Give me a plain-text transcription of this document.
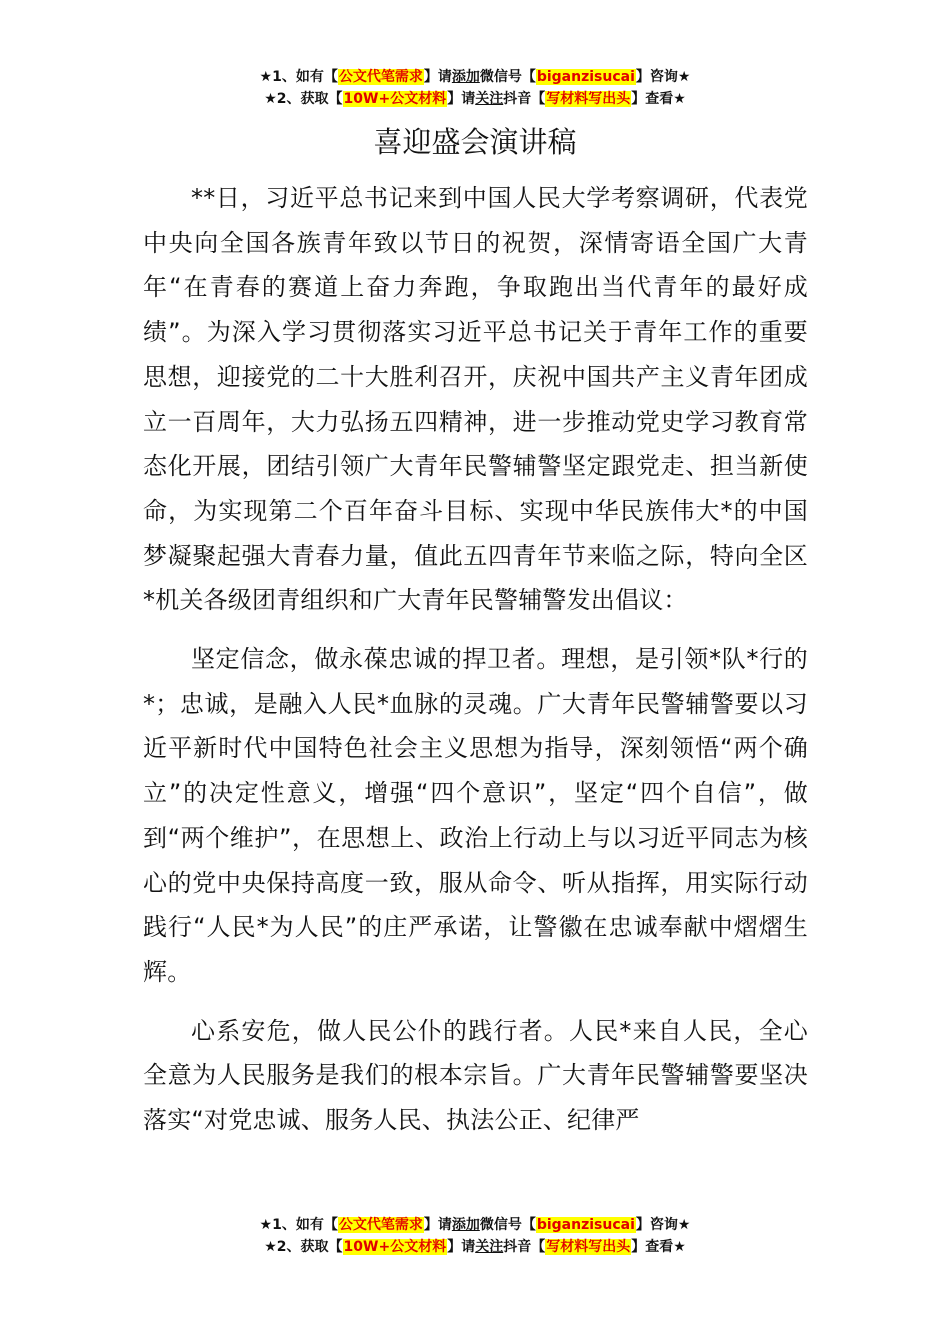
★1、如有【公文代笔需求】请添加微信号【biganzisucai】咨询★
★2、获取【10W+公文材料】请关注抖音【写材料写出头】查看★
喜迎盛会演讲稿

**日，习近平总书记来到中国人民大学考察调研，代表党中央向全国各族青年致以节日的祝贺，深情寄语全国广大青年“在青春的赛道上奋力奔跑，争取跑出当代青年的最好成绩”。为深入学习贯彻落实习近平总书记关于青年工作的重要思想，迎接党的二十大胜利召开，庆祝中国共产主义青年团成立一百周年，大力弘扬五四精神，进一步推动党史学习教育常态化开展，团结引领广大青年民警辅警坚定跟党走、担当新使命，为实现第二个百年奋斗目标、实现中华民族伟大*的中国梦凝聚起强大青春力量，值此五四青年节来临之际，特向全区*机关各级团青组织和广大青年民警辅警发出倡议：

坚定信念，做永葆忠诚的捍卫者。理想，是引领*队*行的*；忠诚，是融入人民*血脉的灵魂。广大青年民警辅警要以习近平新时代中国特色社会主义思想为指导，深刻领悟“两个确立”的决定性意义，增强“四个意识”，坚定“四个自信”，做到“两个维护”，在思想上、政治上行动上与以习近平同志为核心的党中央保持高度一致，服从命令、听从指挥，用实际行动践行“人民*为人民”的庄严承诺，让警徽在忠诚奉献中熠熠生辉。

心系安危，做人民公仆的践行者。人民*来自人民，全心全意为人民服务是我们的根本宗旨。广大青年民警辅警要坚决落实“对党忠诚、服务人民、执法公正、纪律严

★1、如有【公文代笔需求】请添加微信号【biganzisucai】咨询★
★2、获取【10W+公文材料】请关注抖音【写材料写出头】查看★
